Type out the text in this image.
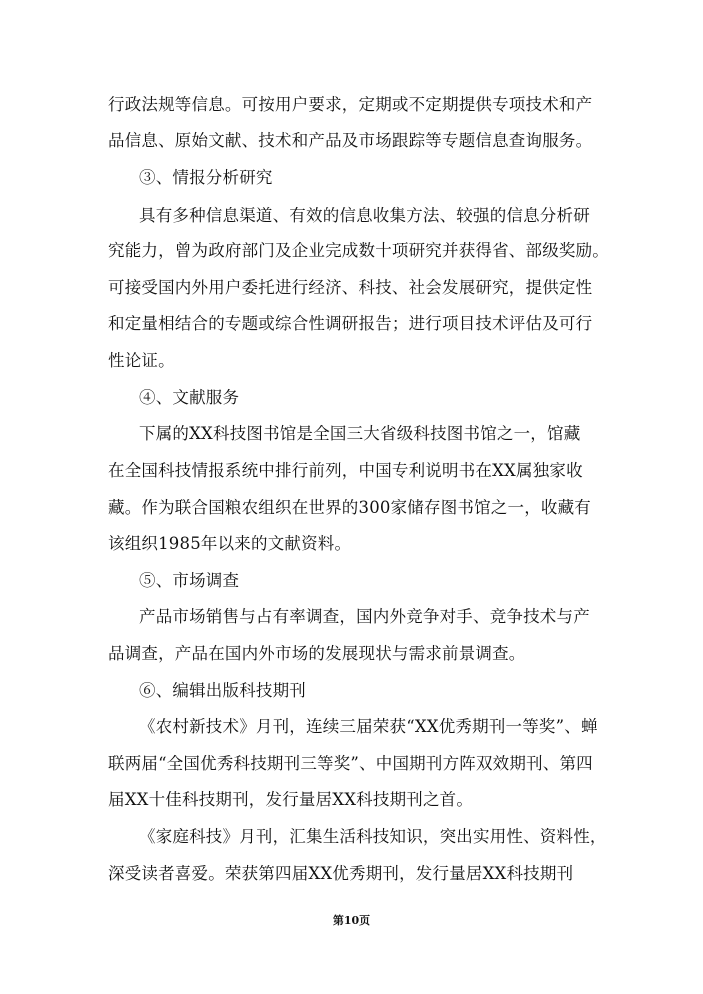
行政法规等信息。可按用户要求，定期或不定期提供专项技术和产
品信息、原始文献、技术和产品及市场跟踪等专题信息查询服务。
③、情报分析研究
具有多种信息渠道、有效的信息收集方法、较强的信息分析研
究能力，曾为政府部门及企业完成数十项研究并获得省、部级奖励。
可接受国内外用户委托进行经济、科技、社会发展研究，提供定性
和定量相结合的专题或综合性调研报告；进行项目技术评估及可行
性论证。
④、文献服务
下属的XX科技图书馆是全国三大省级科技图书馆之一，馆藏
在全国科技情报系统中排行前列，中国专利说明书在XX属独家收
藏。作为联合国粮农组织在世界的300家储存图书馆之一，收藏有
该组织1985年以来的文献资料。
⑤、市场调查
产品市场销售与占有率调查，国内外竞争对手、竞争技术与产
品调查，产品在国内外市场的发展现状与需求前景调查。
⑥、编辑出版科技期刊
《农村新技术》月刊，连续三届荣获“XX优秀期刊一等奖”、蝉
联两届“全国优秀科技期刊三等奖”、中国期刊方阵双效期刊、第四
届XX十佳科技期刊，发行量居XX科技期刊之首。
《家庭科技》月刊，汇集生活科技知识，突出实用性、资料性，
深受读者喜爱。荣获第四届XX优秀期刊，发行量居XX科技期刊
第10页
